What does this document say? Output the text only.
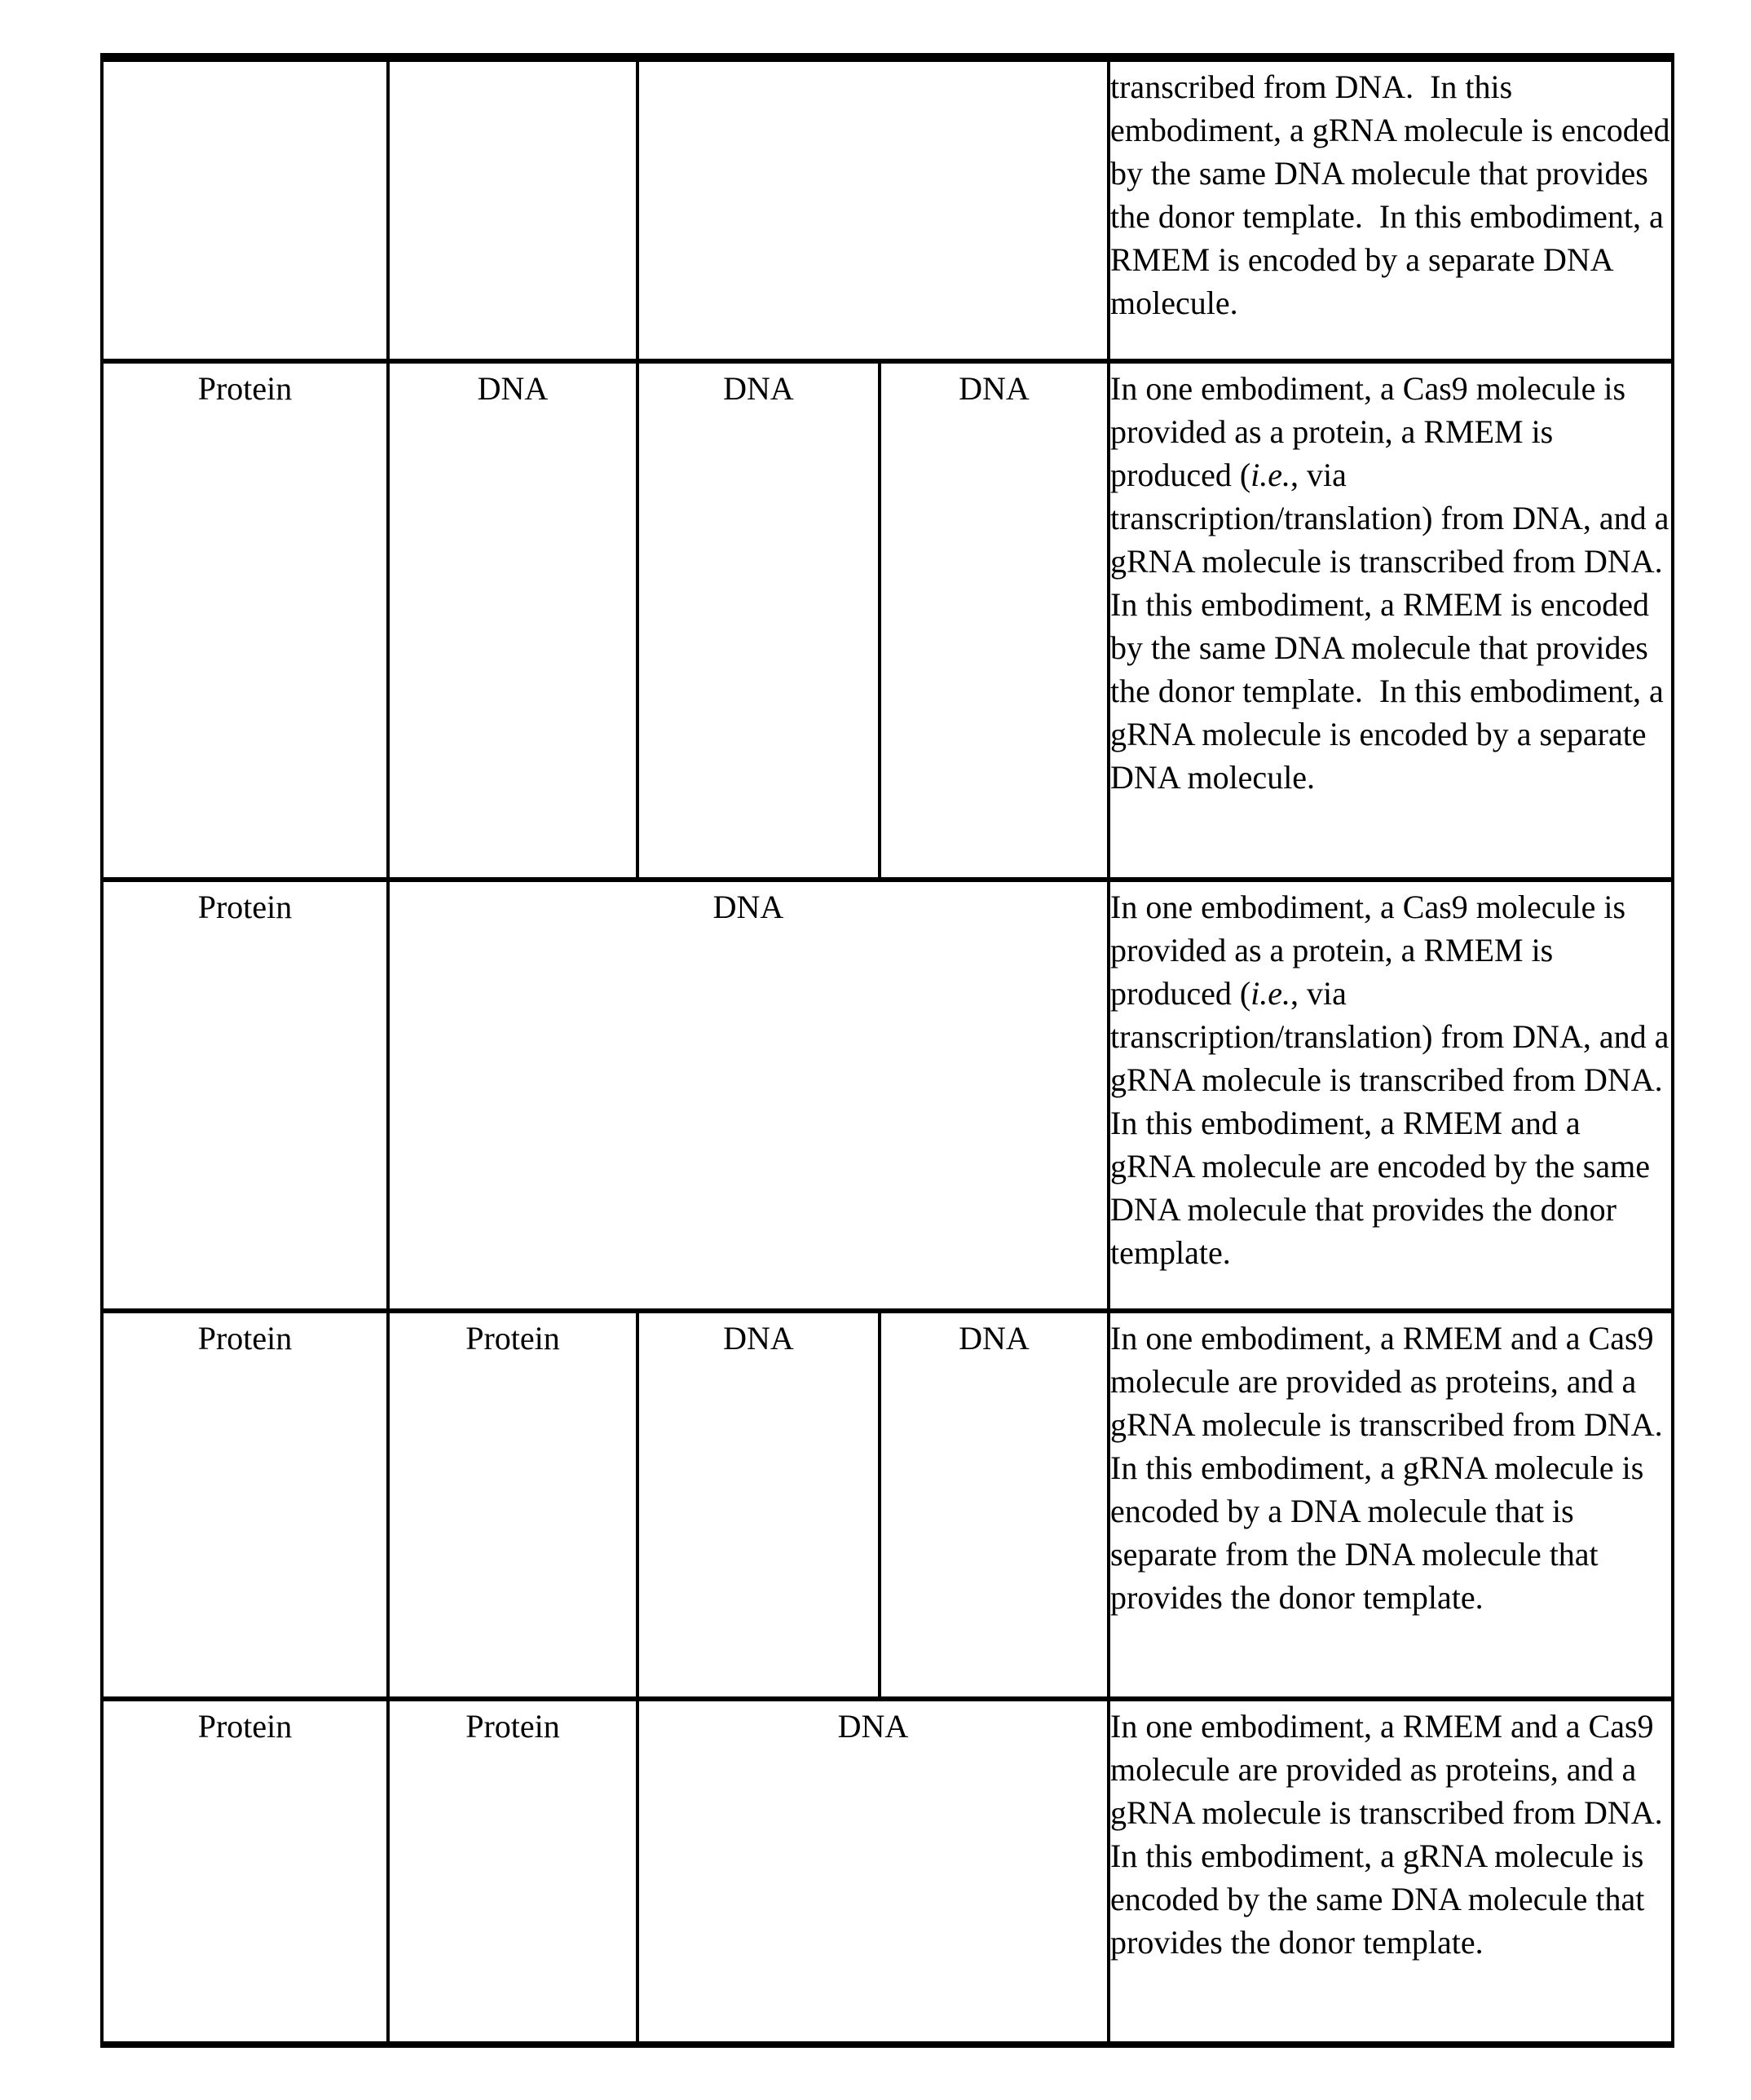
				transcribed from DNA.  In this embodiment, a gRNA molecule is encoded by the same DNA molecule that provides the donor template.  In this embodiment, a RMEM is encoded by a separate DNA molecule.
Protein	DNA	DNA	DNA	In one embodiment, a Cas9 molecule is provided as a protein, a RMEM is produced (i.e., via transcription/translation) from DNA, and a gRNA molecule is transcribed from DNA.  In this embodiment, a RMEM is encoded by the same DNA molecule that provides the donor template.  In this embodiment, a gRNA molecule is encoded by a separate DNA molecule.
Protein	DNA			In one embodiment, a Cas9 molecule is provided as a protein, a RMEM is produced (i.e., via transcription/translation) from DNA, and a gRNA molecule is transcribed from DNA.  In this embodiment, a RMEM and a gRNA molecule are encoded by the same DNA molecule that provides the donor template.
Protein	Protein	DNA	DNA	In one embodiment, a RMEM and a Cas9 molecule are provided as proteins, and a gRNA molecule is transcribed from DNA.  In this embodiment, a gRNA molecule is encoded by a DNA molecule that is separate from the DNA molecule that provides the donor template.
Protein	Protein	DNA		In one embodiment, a RMEM and a Cas9 molecule are provided as proteins, and a gRNA molecule is transcribed from DNA. In this embodiment, a gRNA molecule is encoded by the same DNA molecule that provides the donor template.
